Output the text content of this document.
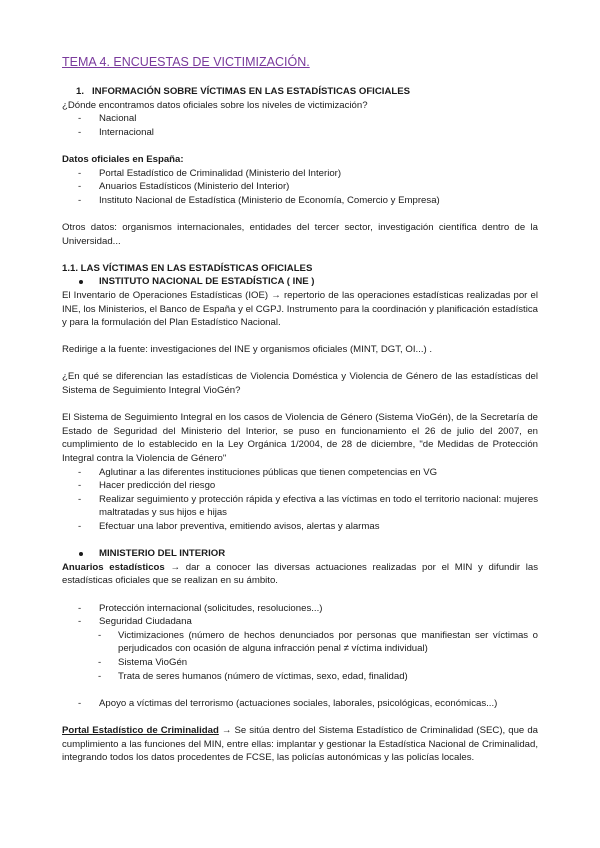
TEMA 4. ENCUESTAS DE VICTIMIZACIÓN.

1. INFORMACIÓN SOBRE VÍCTIMAS EN LAS ESTADÍSTICAS OFICIALES

¿Dónde encontramos datos oficiales sobre los niveles de victimización?

- Nacional
- Internacional

Datos oficiales en España:

- Portal Estadístico de Criminalidad (Ministerio del Interior)
- Anuarios Estadísticos (Ministerio del Interior)
- Instituto Nacional de Estadística (Ministerio de Economía, Comercio y Empresa)

Otros datos: organismos internacionales, entidades del tercer sector, investigación científica dentro de la Universidad...

1.1. LAS VÍCTIMAS EN LAS ESTADÍSTICAS OFICIALES

INSTITUTO NACIONAL DE ESTADÍSTICA ( INE )

El Inventario de Operaciones Estadísticas (IOE) → repertorio de las operaciones estadísticas realizadas por el INE, los Ministerios, el Banco de España y el CGPJ. Instrumento para la coordinación y planificación estadística y para la formulación del Plan Estadístico Nacional.

Redirige a la fuente: investigaciones del INE y organismos oficiales (MINT, DGT, OI...) .

¿En qué se diferencian las estadísticas de Violencia Doméstica y Violencia de Género de las estadísticas del Sistema de Seguimiento Integral VioGén?

El Sistema de Seguimiento Integral en los casos de Violencia de Género (Sistema VioGén), de la Secretaría de Estado de Seguridad del Ministerio del Interior, se puso en funcionamiento el 26 de julio del 2007, en cumplimiento de lo establecido en la Ley Orgánica 1/2004, de 28 de diciembre, "de Medidas de Protección Integral contra la Violencia de Género"

- Aglutinar a las diferentes instituciones públicas que tienen competencias en VG
- Hacer predicción del riesgo
- Realizar seguimiento y protección rápida y efectiva a las víctimas en todo el territorio nacional: mujeres maltratadas y sus hijos e hijas
- Efectuar una labor preventiva, emitiendo avisos, alertas y alarmas
MINISTERIO DEL INTERIOR

Anuarios estadísticos → dar a conocer las diversas actuaciones realizadas por el MIN y difundir las estadísticas oficiales que se realizan en su ámbito.

- Protección internacional (solicitudes, resoluciones...)
- Seguridad Ciudadana
- Victimizaciones (número de hechos denunciados por personas que manifiestan ser víctimas o perjudicados con ocasión de alguna infracción penal ≠ víctima individual)
- Sistema VioGén
- Trata de seres humanos (número de víctimas, sexo, edad, finalidad)
- Apoyo a víctimas del terrorismo (actuaciones sociales, laborales, psicológicas, económicas...)

Portal Estadístico de Criminalidad → Se sitúa dentro del Sistema Estadístico de Criminalidad (SEC), que da cumplimiento a las funciones del MIN, entre ellas: implantar y gestionar la Estadística Nacional de Criminalidad, integrando todos los datos procedentes de FCSE, las policías autonómicas y las policías locales.
